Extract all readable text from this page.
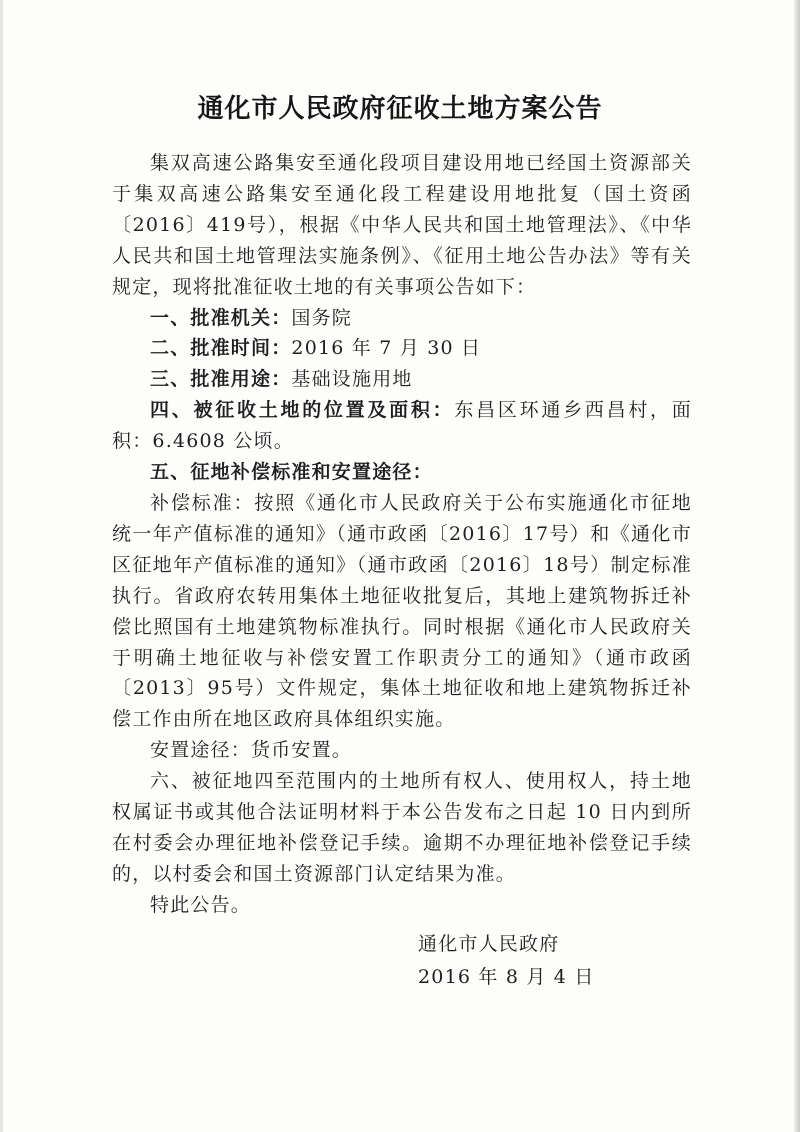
通化市人民政府征收土地方案公告

集双高速公路集安至通化段项目建设用地已经国土资源部关于集双高速公路集安至通化段工程建设用地批复（国土资函〔2016〕419号），根据《中华人民共和国土地管理法》、《中华人民共和国土地管理法实施条例》、《征用土地公告办法》等有关规定，现将批准征收土地的有关事项公告如下：

一、批准机关：国务院

二、批准时间：2016 年 7 月 30 日

三、批准用途：基础设施用地

四、被征收土地的位置及面积：东昌区环通乡西昌村，面积：6.4608 公顷。

五、征地补偿标准和安置途径：

补偿标准：按照《通化市人民政府关于公布实施通化市征地统一年产值标准的通知》（通市政函〔2016〕17号）和《通化市区征地年产值标准的通知》（通市政函〔2016〕18号）制定标准执行。省政府农转用集体土地征收批复后，其地上建筑物拆迁补偿比照国有土地建筑物标准执行。同时根据《通化市人民政府关于明确土地征收与补偿安置工作职责分工的通知》（通市政函〔2013〕95号）文件规定，集体土地征收和地上建筑物拆迁补偿工作由所在地区政府具体组织实施。

安置途径：货币安置。

六、被征地四至范围内的土地所有权人、使用权人，持土地权属证书或其他合法证明材料于本公告发布之日起 10 日内到所在村委会办理征地补偿登记手续。逾期不办理征地补偿登记手续的，以村委会和国土资源部门认定结果为准。

特此公告。

通化市人民政府

2016 年 8 月 4 日
